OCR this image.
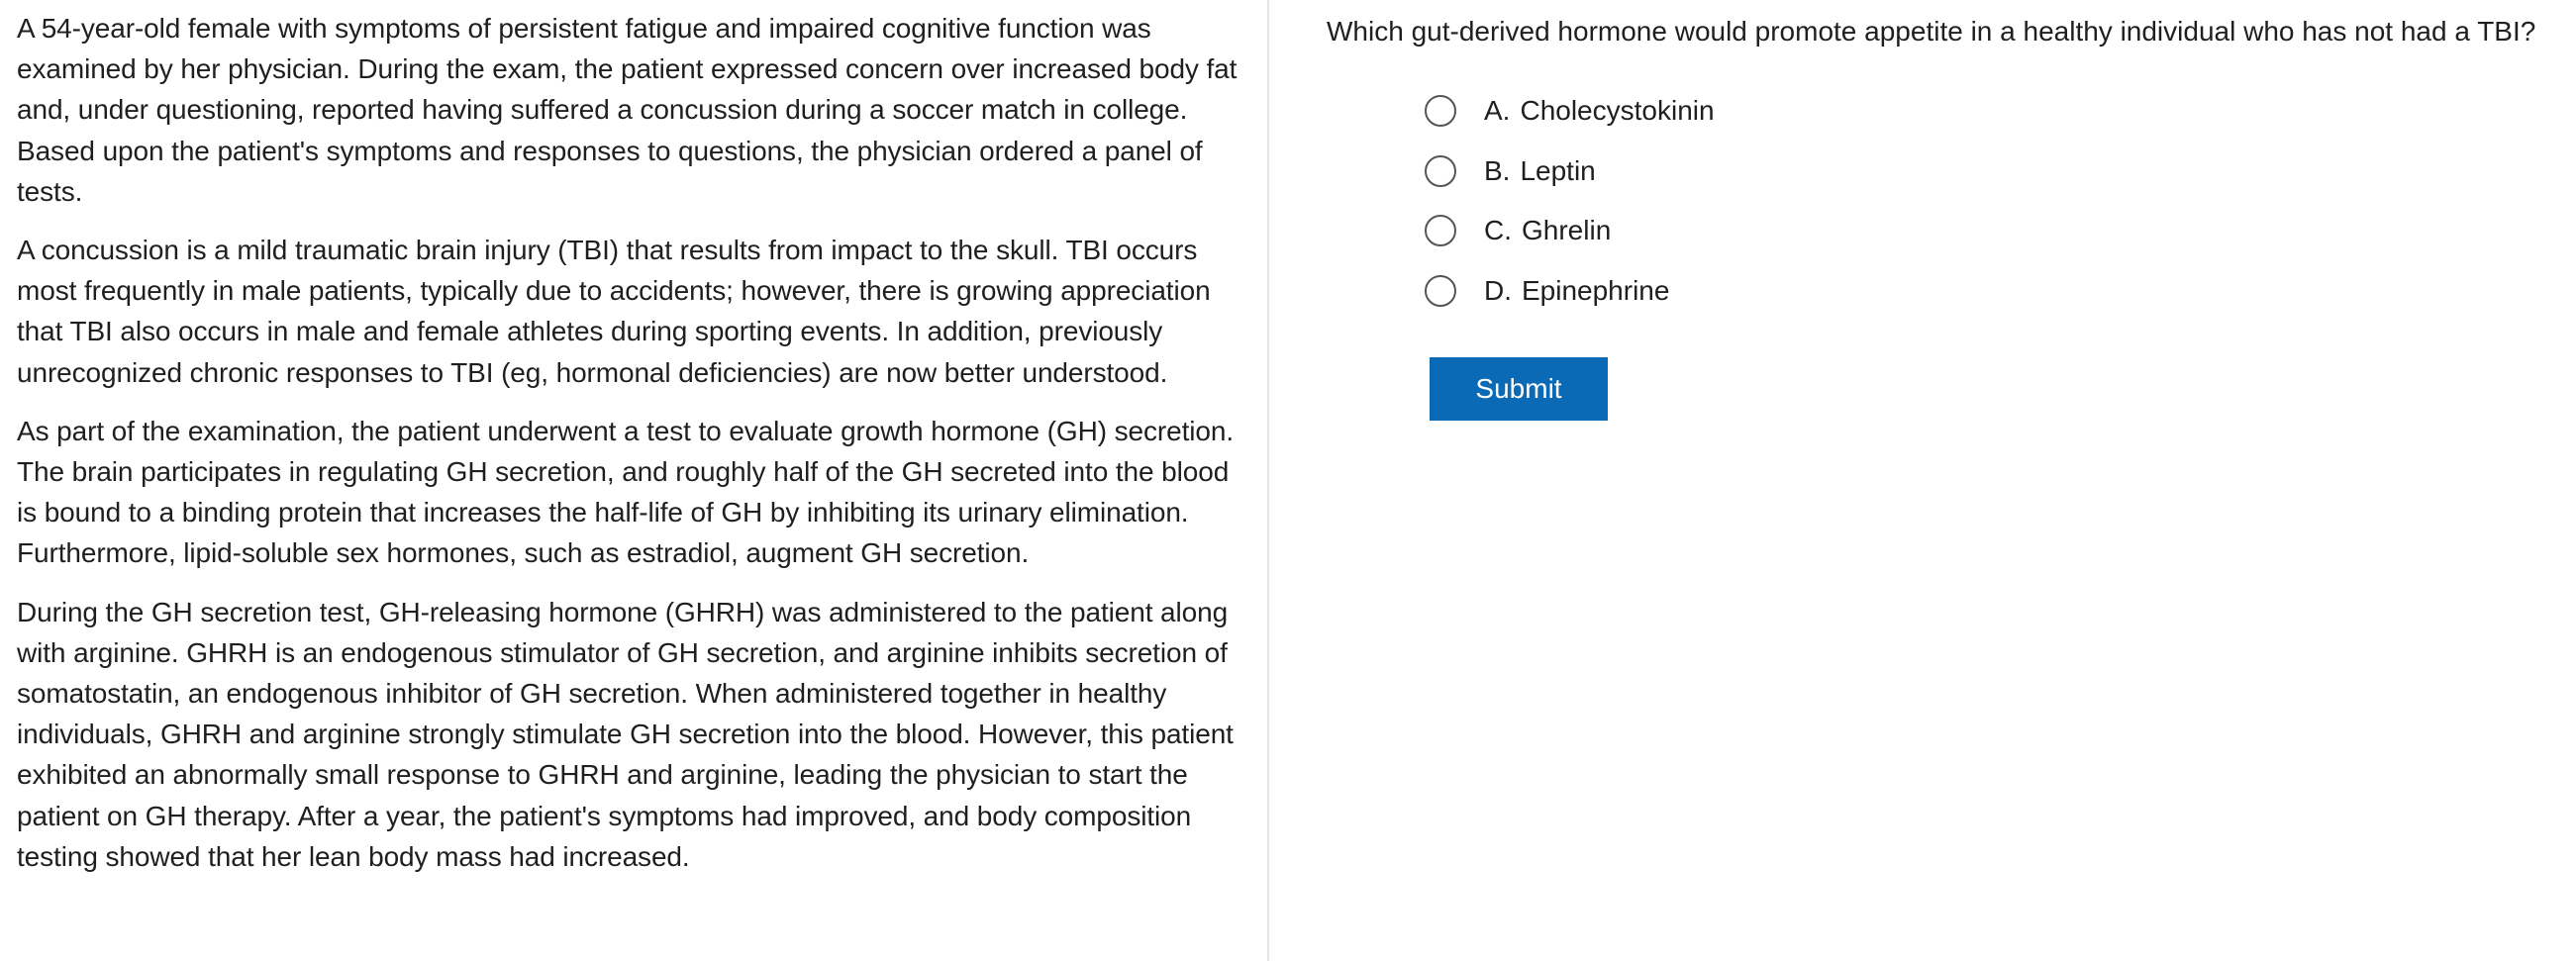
A 54-year-old female with symptoms of persistent fatigue and impaired cognitive function was examined by her physician. During the exam, the patient expressed concern over increased body fat and, under questioning, reported having suffered a concussion during a soccer match in college. Based upon the patient's symptoms and responses to questions, the physician ordered a panel of tests.

A concussion is a mild traumatic brain injury (TBI) that results from impact to the skull. TBI occurs most frequently in male patients, typically due to accidents; however, there is growing appreciation that TBI also occurs in male and female athletes during sporting events. In addition, previously unrecognized chronic responses to TBI (eg, hormonal deficiencies) are now better understood.

As part of the examination, the patient underwent a test to evaluate growth hormone (GH) secretion. The brain participates in regulating GH secretion, and roughly half of the GH secreted into the blood is bound to a binding protein that increases the half-life of GH by inhibiting its urinary elimination. Furthermore, lipid-soluble sex hormones, such as estradiol, augment GH secretion.

During the GH secretion test, GH-releasing hormone (GHRH) was administered to the patient along with arginine. GHRH is an endogenous stimulator of GH secretion, and arginine inhibits secretion of somatostatin, an endogenous inhibitor of GH secretion. When administered together in healthy individuals, GHRH and arginine strongly stimulate GH secretion into the blood. However, this patient exhibited an abnormally small response to GHRH and arginine, leading the physician to start the patient on GH therapy. After a year, the patient's symptoms had improved, and body composition testing showed that her lean body mass had increased.

Which gut-derived hormone would promote appetite in a healthy individual who has not had a TBI?

A. Cholecystokinin
B. Leptin
C. Ghrelin
D. Epinephrine
Submit
